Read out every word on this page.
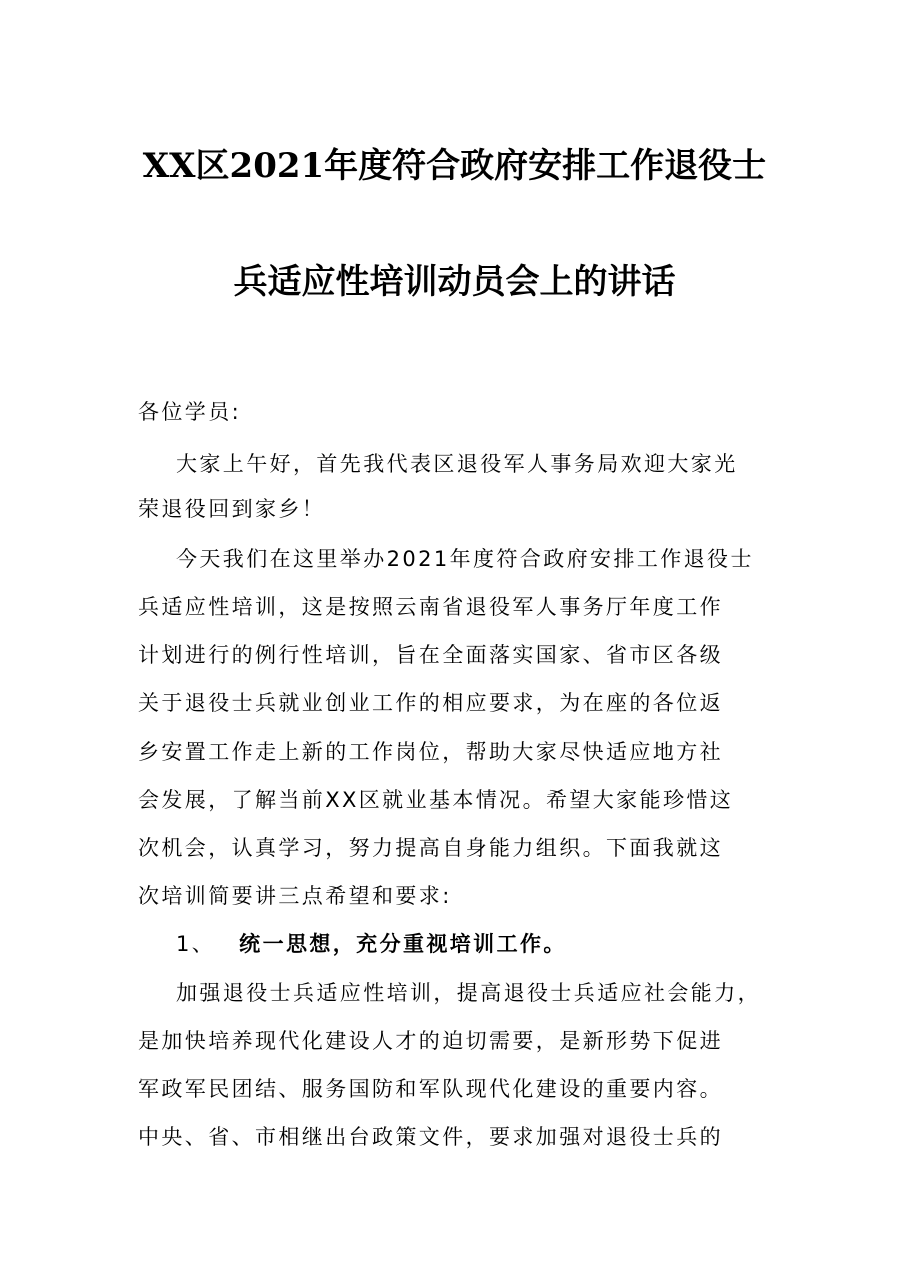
XX区2021年度符合政府安排工作退役士
兵适应性培训动员会上的讲话
各位学员:
大家上午好，首先我代表区退役军人事务局欢迎大家光
荣退役回到家乡！
今天我们在这里举办2021年度符合政府安排工作退役士
兵适应性培训，这是按照云南省退役军人事务厅年度工作
计划进行的例行性培训，旨在全面落实国家、省市区各级
关于退役士兵就业创业工作的相应要求，为在座的各位返
乡安置工作走上新的工作岗位，帮助大家尽快适应地方社
会发展，了解当前XX区就业基本情况。希望大家能珍惜这
次机会，认真学习，努力提高自身能力组织。下面我就这
次培训简要讲三点希望和要求:
1、 统一思想，充分重视培训工作。
加强退役士兵适应性培训，提高退役士兵适应社会能力，
是加快培养现代化建设人才的迫切需要，是新形势下促进
军政军民团结、服务国防和军队现代化建设的重要内容。
中央、省、市相继出台政策文件，要求加强对退役士兵的
